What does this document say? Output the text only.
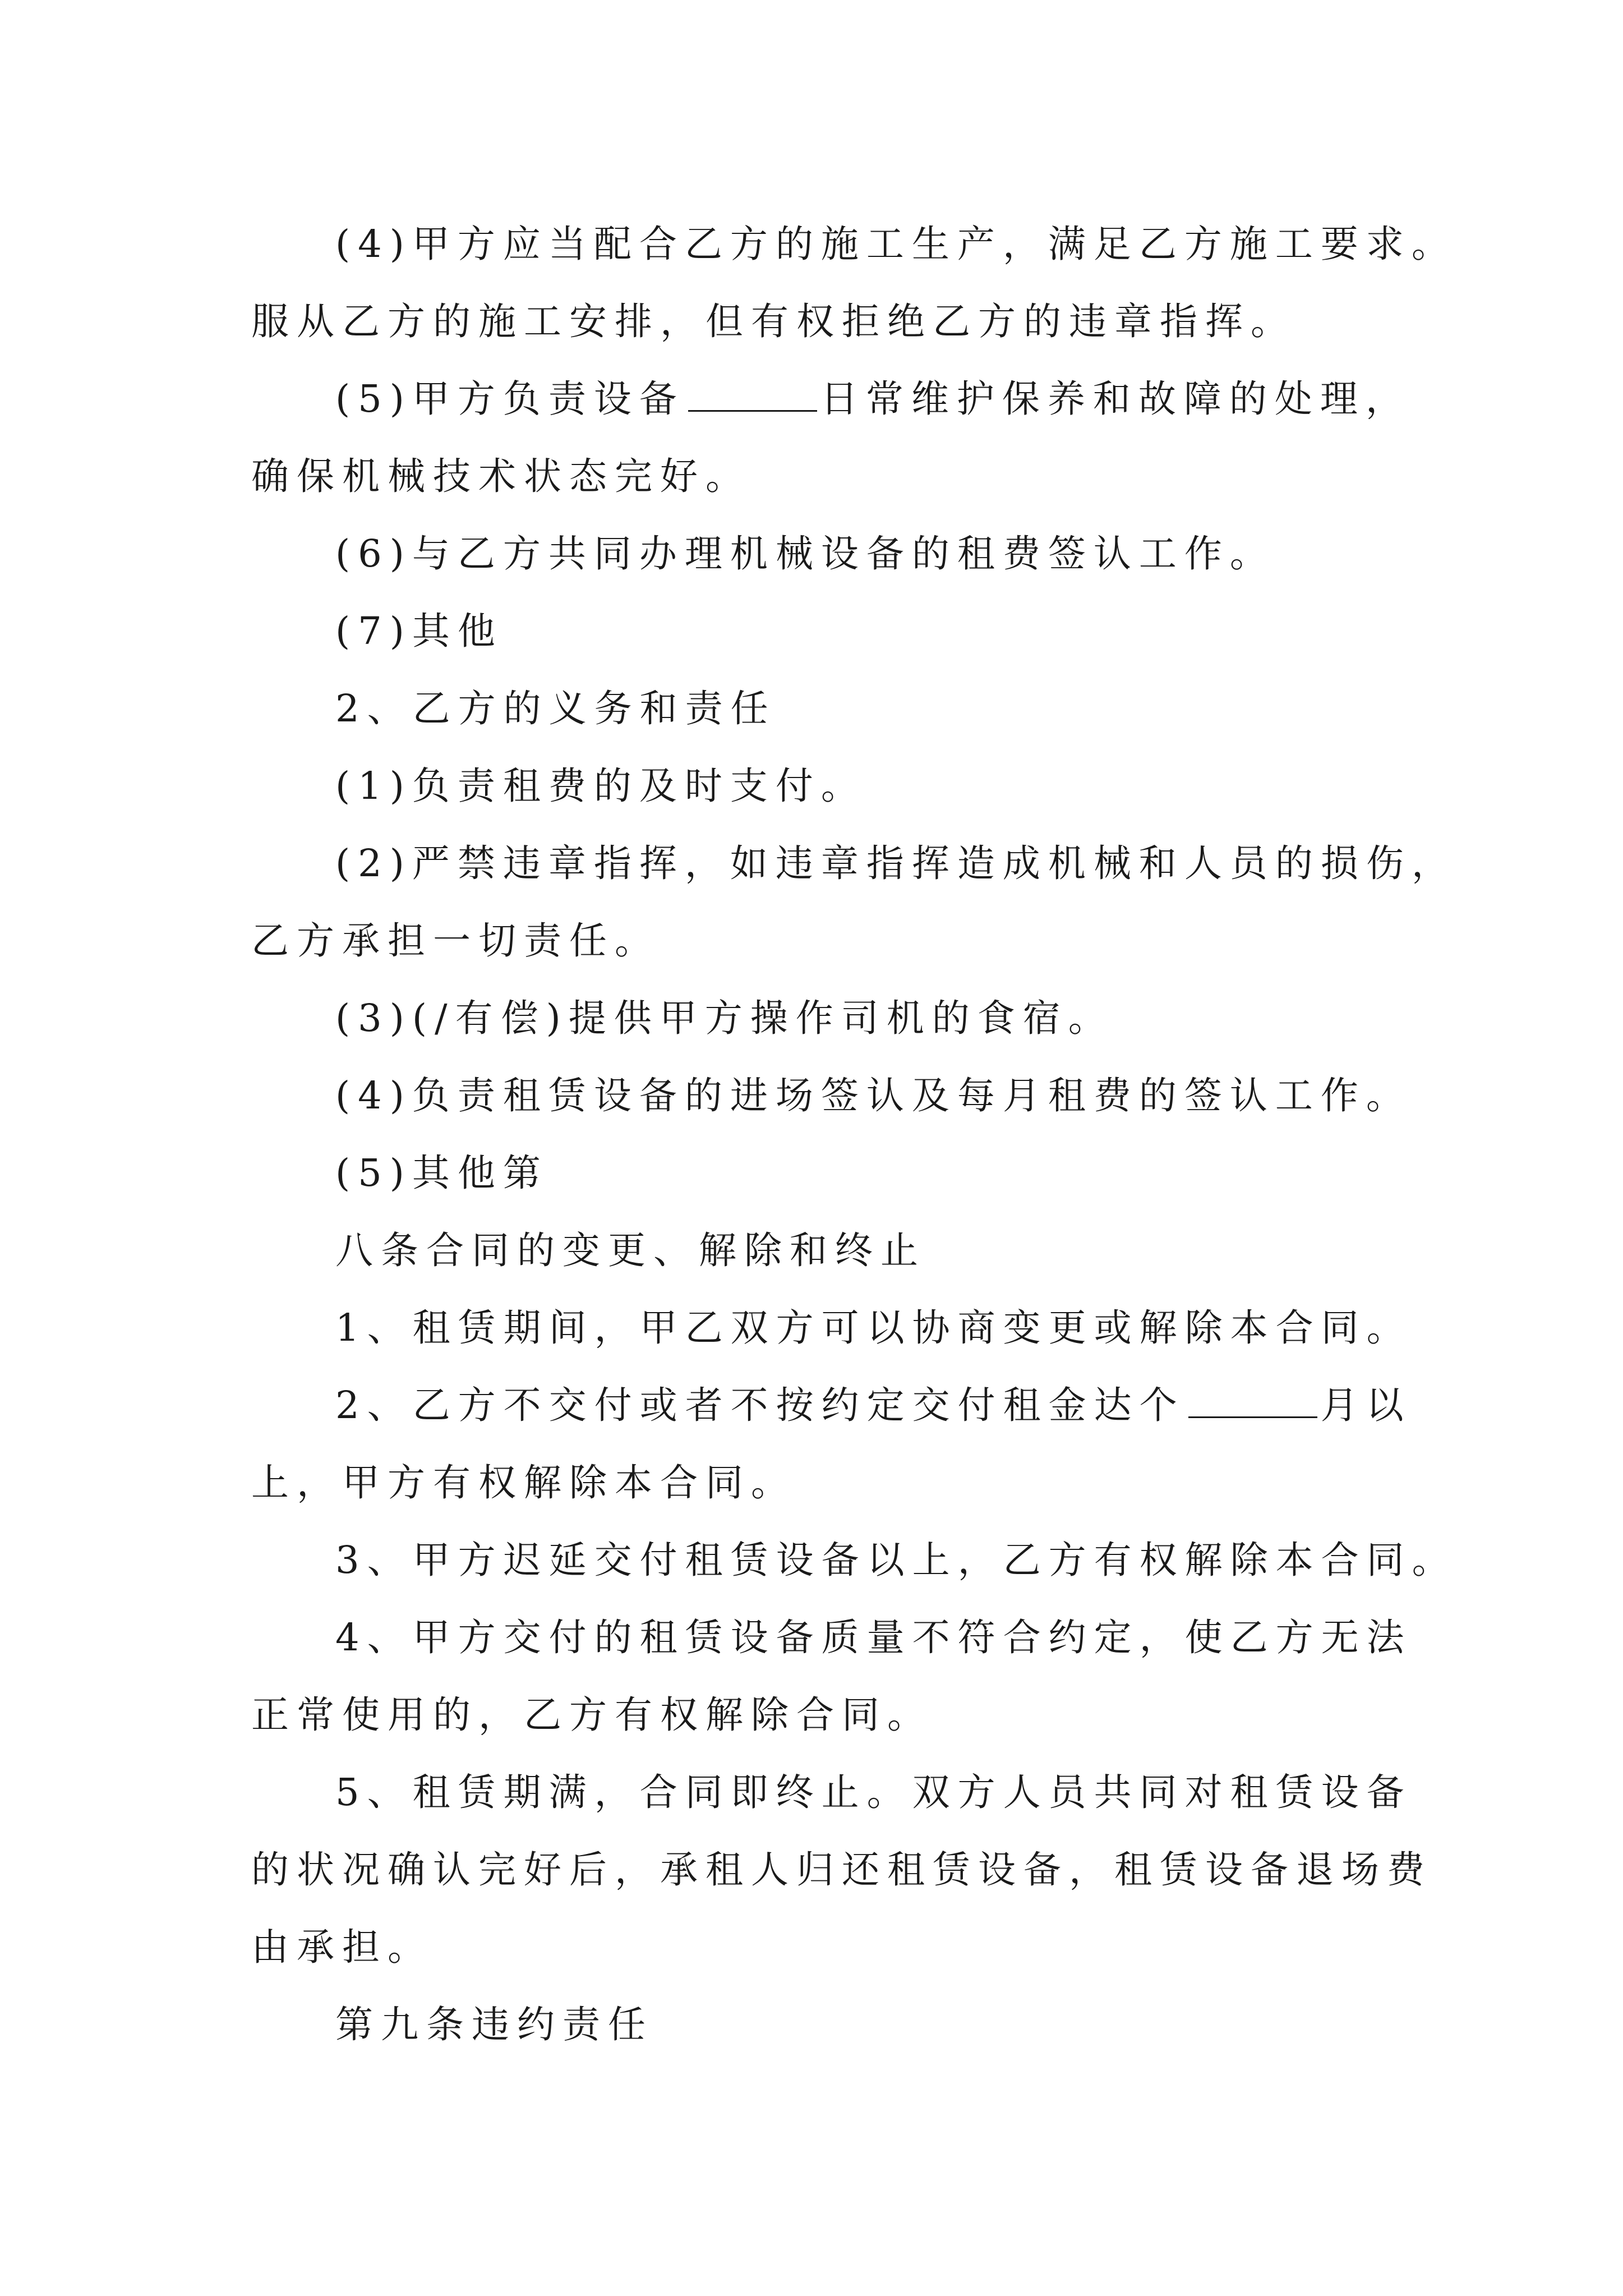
(4)甲方应当配合乙方的施工生产，满足乙方施工要求。
服从乙方的施工安排，但有权拒绝乙方的违章指挥。
(5)甲方负责设备	日常维护保养和故障的处理，
确保机械技术状态完好。
(6)与乙方共同办理机械设备的租费签认工作。
(7)其他
2、乙方的义务和责任
(1)负责租费的及时支付。
(2)严禁违章指挥，如违章指挥造成机械和人员的损伤，
乙方承担一切责任。
(3)(/有偿)提供甲方操作司机的食宿。
(4)负责租赁设备的进场签认及每月租费的签认工作。
(5)其他第
八条合同的变更、解除和终止
1、租赁期间，甲乙双方可以协商变更或解除本合同。
2、乙方不交付或者不按约定交付租金达个	月以
上，甲方有权解除本合同。
3、甲方迟延交付租赁设备以上，乙方有权解除本合同。
4、甲方交付的租赁设备质量不符合约定，使乙方无法
正常使用的，乙方有权解除合同。
5、租赁期满，合同即终止。双方人员共同对租赁设备
的状况确认完好后，承租人归还租赁设备，租赁设备退场费
由承担。
第九条违约责任
